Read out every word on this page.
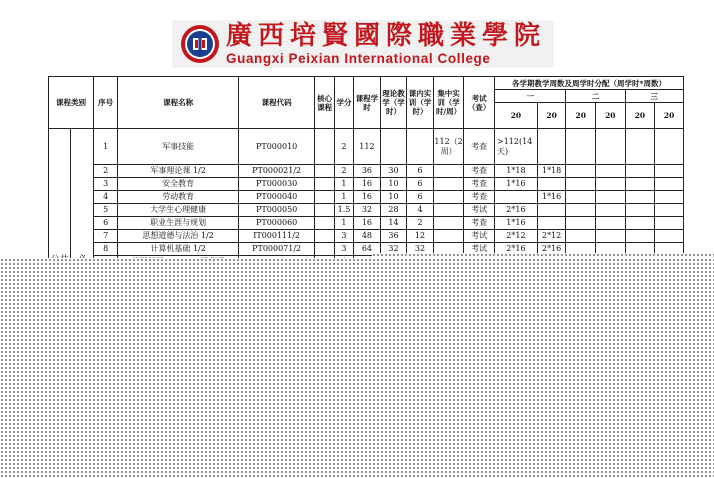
廣西培賢國際職業學院
Guangxi Peixian International College
课程类别		序号	课程名称	课程代码	核心课程	学分	课程学时	理论教学（学时）	课内实训（学时）	集中实训（学时/周）	考试（查）	各学期教学周数及周学时分配（周学时*周数）					
												一		二		三	
												20	20	20	20	20	20
		1	军事技能	PT000010		2	112			112（2周）	考查	>112(14天)					
		2	军事理论课 1/2	PT000021/2		2	36	30	6		考查	1*18	1*18				
		3	安全教育	PT000030		1	16	10	6		考查	1*16					
		4	劳动教育	PT000040		1	16	10	6		考查		1*16				
		5	大学生心理健康	PT000050		1.5	32	28	4		考试	2*16					
		6	职业生涯与规划	PT000060		1	16	14	2		考查	1*16					
		7	思想道德与法治 1/2	IT000111/2		3	48	36	12		考试	2*12	2*12				
		8	计算机基础 1/2	PT000071/2		3	64	32	32		考试	2*16	2*16				
